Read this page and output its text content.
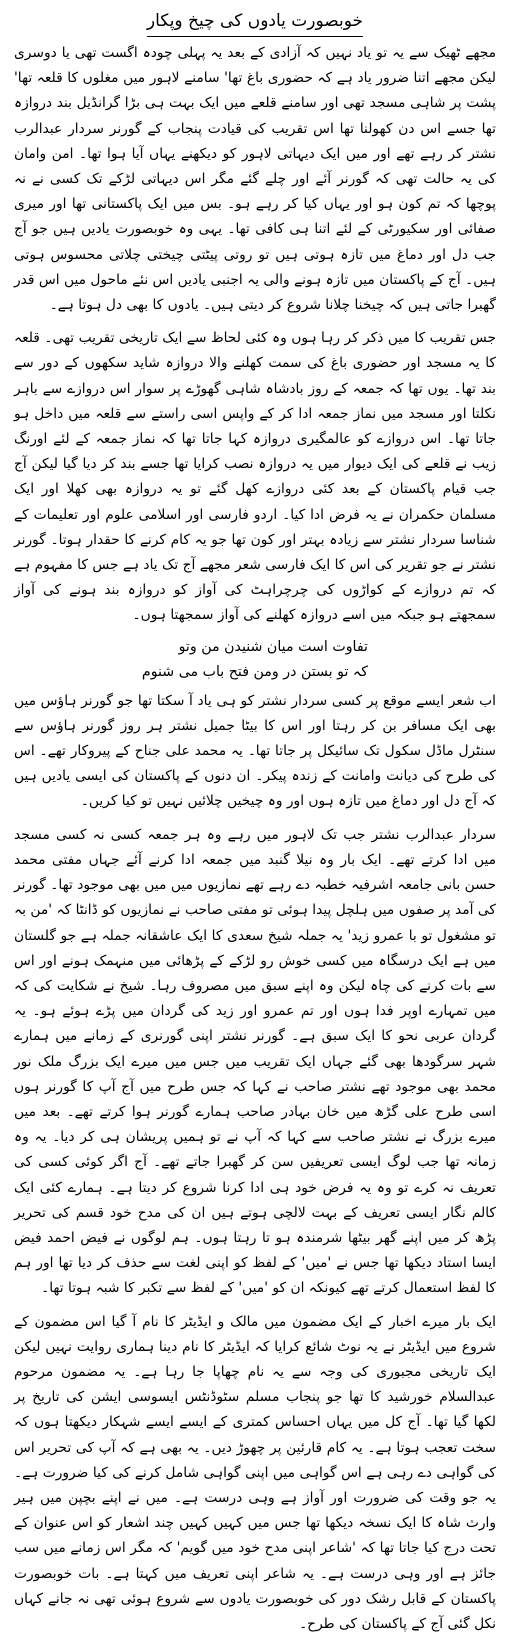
خوبصورت یادوں کی چیخ وپکار

مجھے ٹھیک سے یہ تو یاد نہیں کہ آزادی کے بعد یہ پہلی چودہ اگست تھی یا دوسری لیکن مجھے اتنا ضرور یاد ہے کہ حضوری باغ تھا' سامنے لاہور میں مغلوں کا قلعہ تھا' پشت پر شاہی مسجد تھی اور سامنے قلعے میں ایک بہت ہی بڑا گرانڈیل بند دروازہ تھا جسے اس دن کھولنا تھا اس تقریب کی قیادت پنجاب کے گورنر سردار عبدالرب نشتر کر رہے تھے اور میں ایک دیہاتی لاہور کو دیکھنے یہاں آیا ہوا تھا۔ امن وامان کی یہ حالت تھی کہ گورنر آئے اور چلے گئے مگر اس دیہاتی لڑکے تک کسی نے نہ پوچھا کہ تم کون ہو اور یہاں کیا کر رہے ہو۔ بس میں ایک پاکستانی تھا اور میری صفائی اور سکیورٹی کے لئے اتنا ہی کافی تھا۔ یہی وہ خوبصورت یادیں ہیں جو آج جب دل اور دماغ میں تازہ ہوتی ہیں تو روتی پیٹتی چیختی چلاتی محسوس ہوتی ہیں۔ آج کے پاکستان میں تازہ ہونے والی یہ اجنبی یادیں اس نئے ماحول میں اس قدر گھبرا جاتی ہیں کہ چیخنا چلانا شروع کر دیتی ہیں۔ یادوں کا بھی دل ہوتا ہے۔

جس تقریب کا میں ذکر کر رہا ہوں وہ کئی لحاظ سے ایک تاریخی تقریب تھی۔ قلعہ کا یہ مسجد اور حضوری باغ کی سمت کھلنے والا دروازہ شاید سکھوں کے دور سے بند تھا۔ یوں تھا کہ جمعہ کے روز بادشاہ شاہی گھوڑے پر سوار اس دروازے سے باہر نکلتا اور مسجد میں نماز جمعہ ادا کر کے واپس اسی راستے سے قلعہ میں داخل ہو جاتا تھا۔ اس دروازے کو عالمگیری دروازہ کہا جاتا تھا کہ نماز جمعہ کے لئے اورنگ زیب نے قلعے کی ایک دیوار میں یہ دروازہ نصب کرایا تھا جسے بند کر دیا گیا لیکن آج جب قیام پاکستان کے بعد کئی دروازے کھل گئے تو یہ دروازہ بھی کھلا اور ایک مسلمان حکمران نے یہ فرض ادا کیا۔ اردو فارسی اور اسلامی علوم اور تعلیمات کے شناسا سردار نشتر سے زیادہ بہتر اور کون تھا جو یہ کام کرنے کا حقدار ہوتا۔ گورنر نشتر نے جو تقریر کی اس کا ایک فارسی شعر مجھے آج تک یاد ہے جس کا مفہوم ہے کہ تم دروازے کے کواڑوں کی چرچراہٹ کی آواز کو دروازہ بند ہونے کی آواز سمجھتے ہو جبکہ میں اسے دروازہ کھلنے کی آواز سمجھتا ہوں۔

تفاوت است میان شنیدن من وتو
کہ تو بستن در ومن فتح باب می شنوم

اب شعر ایسے موقع پر کسی سردار نشتر کو ہی یاد آ سکتا تھا جو گورنر ہاؤس میں بھی ایک مسافر بن کر رہتا اور اس کا بیٹا جمیل نشتر ہر روز گورنر ہاؤس سے سنٹرل ماڈل سکول تک سائیکل پر جاتا تھا۔ یہ محمد علی جناح کے پیروکار تھے۔ اس کی طرح کی دیانت وامانت کے زندہ پیکر۔ ان دنوں کے پاکستان کی ایسی یادیں ہیں کہ آج دل اور دماغ میں تازہ ہوں اور وہ چیخیں چلائیں نہیں تو کیا کریں۔

سردار عبدالرب نشتر جب تک لاہور میں رہے وہ ہر جمعہ کسی نہ کسی مسجد میں ادا کرتے تھے۔ ایک بار وہ نیلا گنبد میں جمعہ ادا کرنے آئے جہاں مفتی محمد حسن بانی جامعہ اشرفیہ خطبہ دے رہے تھے نمازیوں میں میں بھی موجود تھا۔ گورنر کی آمد پر صفوں میں ہلچل پیدا ہوئی تو مفتی صاحب نے نمازیوں کو ڈانٹا کہ 'من بہ تو مشغول تو با عمرو زید' یہ جملہ شیخ سعدی کا ایک عاشقانہ جملہ ہے جو گلستان میں ہے ایک درسگاہ میں کسی خوش رو لڑکے کے پڑھائی میں منہمک ہونے اور اس سے بات کرنے کی چاہ لیکن وہ اپنے سبق میں مصروف رہا۔ شیخ نے شکایت کی کہ میں تمہارے اوپر فدا ہوں اور تم عمرو اور زید کی گردان میں پڑے ہوئے ہو۔ یہ گردان عربی نحو کا ایک سبق ہے۔ گورنر نشتر اپنی گورنری کے زمانے میں ہمارے شہر سرگودھا بھی گئے جہاں ایک تقریب میں جس میں میرے ایک بزرگ ملک نور محمد بھی موجود تھے نشتر صاحب نے کہا کہ جس طرح میں آج آپ کا گورنر ہوں اسی طرح علی گڑھ میں خان بہادر صاحب ہمارے گورنر ہوا کرتے تھے۔ بعد میں میرے بزرگ نے نشتر صاحب سے کہا کہ آپ نے تو ہمیں پریشان ہی کر دیا۔ یہ وہ زمانہ تھا جب لوگ ایسی تعریفیں سن کر گھبرا جاتے تھے۔ آج اگر کوئی کسی کی تعریف نہ کرے تو وہ یہ فرض خود ہی ادا کرنا شروع کر دیتا ہے۔ ہمارے کئی ایک کالم نگار ایسی تعریف کے بہت لالچی ہوتے ہیں ان کی مدح خود قسم کی تحریر پڑھ کر میں اپنے گھر بیٹھا شرمندہ ہو تا رہتا ہوں۔ ہم لوگوں نے فیض احمد فیض ایسا استاد دیکھا تھا جس نے 'میں' کے لفظ کو اپنی لغت سے حذف کر دیا تھا اور ہم کا لفظ استعمال کرتے تھے کیونکہ ان کو 'میں' کے لفظ سے تکبر کا شبہ ہوتا تھا۔

ایک بار میرے اخبار کے ایک مضمون میں مالک و ایڈیٹر کا نام آ گیا اس مضمون کے شروع میں ایڈیٹر نے یہ نوٹ شائع کرایا کہ ایڈیٹر کا نام دینا ہماری روایت نہیں لیکن ایک تاریخی مجبوری کی وجہ سے یہ نام چھاپا جا رہا ہے۔ یہ مضمون مرحوم عبدالسلام خورشید کا تھا جو پنجاب مسلم سٹوڈنٹس ایسوسی ایشن کی تاریخ پر لکھا گیا تھا۔ آج کل میں یہاں احساس کمتری کے ایسے ایسے شہکار دیکھتا ہوں کہ سخت تعجب ہوتا ہے۔ یہ کام قارئین پر چھوڑ دیں۔ یہ بھی ہے کہ آپ کی تحریر اس کی گواہی دے رہی ہے اس گواہی میں اپنی گواہی شامل کرنے کی کیا ضرورت ہے۔ یہ جو وقت کی ضرورت اور آواز ہے وہی درست ہے۔ میں نے اپنے بچپن میں ہیر وارث شاہ کا ایک نسخہ دیکھا تھا جس میں کہیں کہیں چند اشعار کو اس عنوان کے تحت درج کیا جاتا تھا کہ 'شاعر اپنی مدح خود میں گویم' کہ مگر اس زمانے میں سب جائز ہے اور وہی درست ہے۔ یہ شاعر اپنی تعریف میں کہتا ہے۔ بات خوبصورت پاکستان کے قابل رشک دور کی خوبصورت یادوں سے شروع ہوئی تھی نہ جانے کہاں نکل گئی آج کے پاکستان کی طرح۔
